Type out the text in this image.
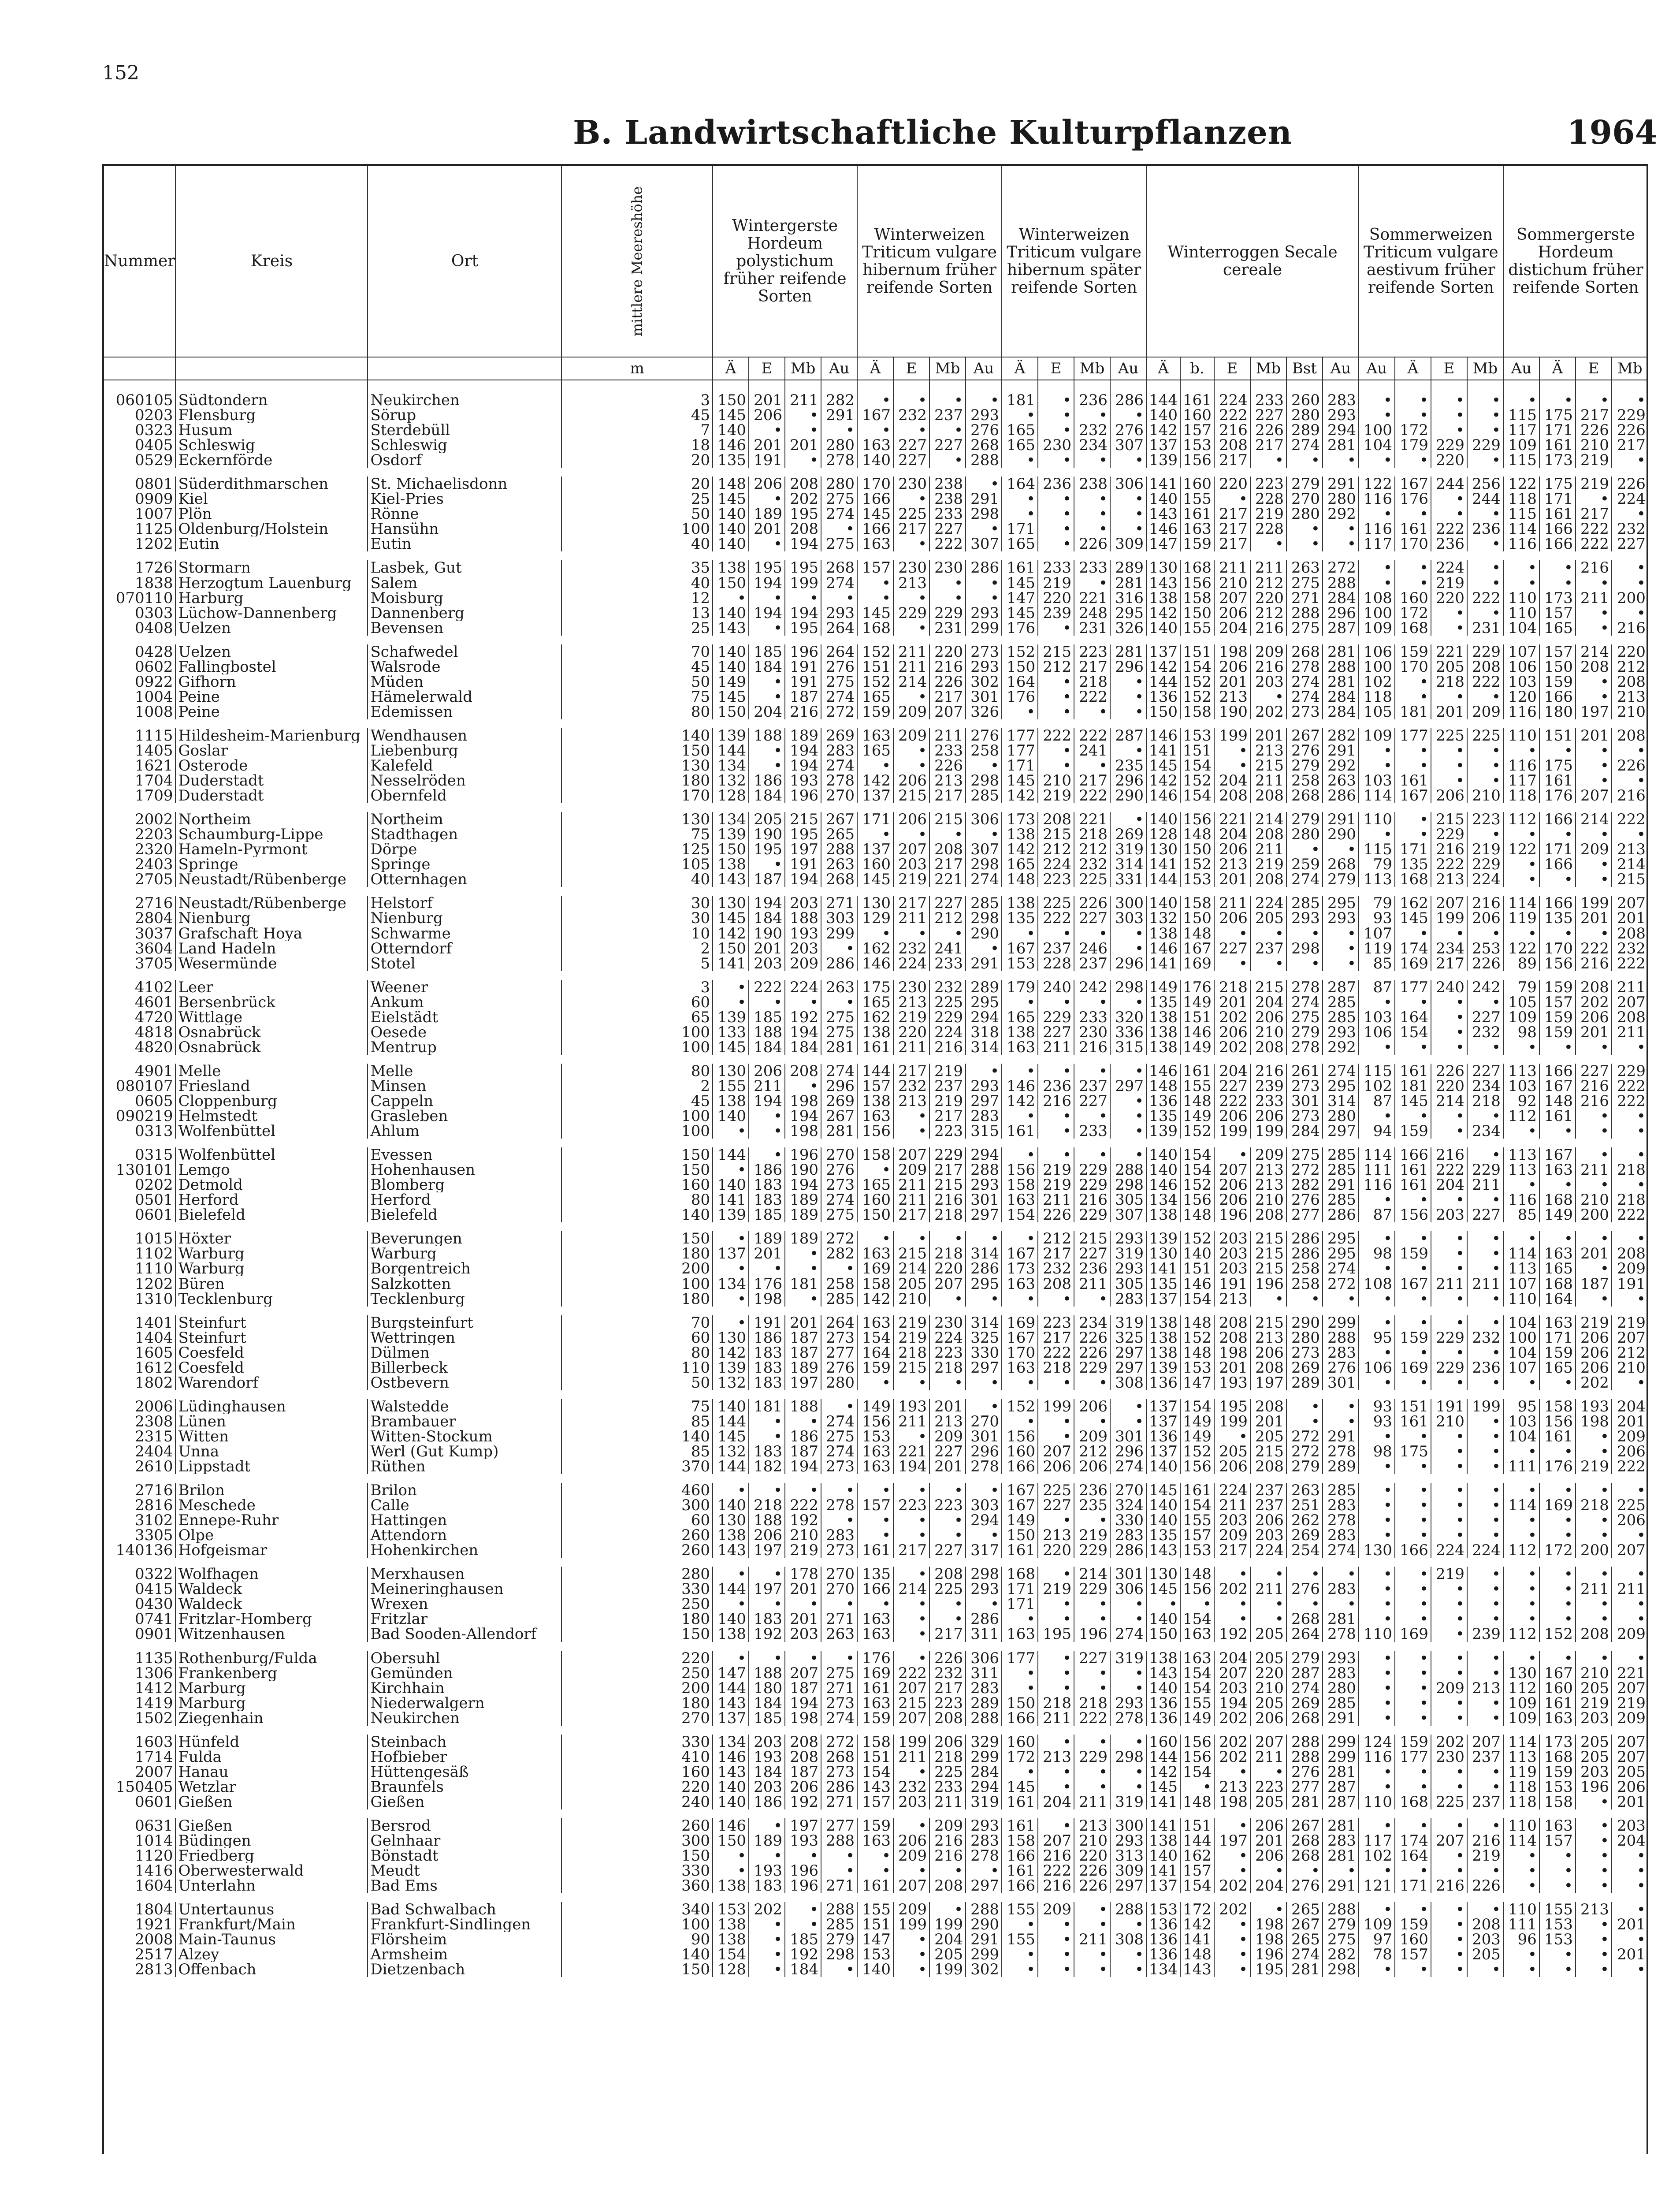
152
B. Landwirtschaftliche Kulturpflanzen	1964
Nummer	Kreis	Ort	mittlere Meereshöhe	Wintergerste Hordeum polystichum früher reifende Sorten				Winterweizen Triticum vulgare hibernum früher reifende Sorten				Winterweizen Triticum vulgare hibernum später reifende Sorten				Winterroggen Secale cereale						Sommerweizen Triticum vulgare aestivum früher reifende Sorten				Sommergerste Hordeum distichum früher reifende Sorten			
			m	Ä	E	Mb	Au	Ä	E	Mb	Au	Ä	E	Mb	Au	Ä	b.	E	Mb	Bst	Au	Au	Ä	E	Mb	Au	Ä	E	Mb
060105	Südtondern	Neukirchen	3	150	201	211	282	•	•	•	•	181	•	236	286	144	161	224	233	260	283	•	•	•	•	•	•	•	•
0203	Flensburg	Sörup	45	145	206	•	291	167	232	237	293	•	•	•	•	140	160	222	227	280	293	•	•	•	•	115	175	217	229
0323	Husum	Sterdebüll	7	140	•	•	•	•	•	•	276	165	•	232	276	142	157	216	226	289	294	100	172	•	•	117	171	226	226
0405	Schleswig	Schleswig	18	146	201	201	280	163	227	227	268	165	230	234	307	137	153	208	217	274	281	104	179	229	229	109	161	210	217
0529	Eckernförde	Osdorf	20	135	191	•	278	140	227	•	288	•	•	•	•	139	156	217	•	•	•	•	•	220	•	115	173	219	•

0801	Süderdithmarschen	St. Michaelisdonn	20	148	206	208	280	170	230	238	•	164	236	238	306	141	160	220	223	279	291	122	167	244	256	122	175	219	226
0909	Kiel	Kiel-Pries	25	145	•	202	275	166	•	238	291	•	•	•	•	140	155	•	228	270	280	116	176	•	244	118	171	•	224
1007	Plön	Rönne	50	140	189	195	274	145	225	233	298	•	•	•	•	143	161	217	219	280	292	•	•	•	•	115	161	217	•
1125	Oldenburg/Holstein	Hansühn	100	140	201	208	•	166	217	227	•	171	•	•	•	146	163	217	228	•	•	116	161	222	236	114	166	222	232
1202	Eutin	Eutin	40	140	•	194	275	163	•	222	307	165	•	226	309	147	159	217	•	•	•	117	170	236	•	116	166	222	227

1726	Stormarn	Lasbek, Gut	35	138	195	195	268	157	230	230	286	161	233	233	289	130	168	211	211	263	272	•	•	224	•	•	•	216	•
1838	Herzogtum Lauenburg	Salem	40	150	194	199	274	•	213	•	•	145	219	•	281	143	156	210	212	275	288	•	•	219	•	•	•	•	•
070110	Harburg	Moisburg	12	•	•	•	•	•	•	•	•	147	220	221	316	138	158	207	220	271	284	108	160	220	222	110	173	211	200
0303	Lüchow-Dannenberg	Dannenberg	13	140	194	194	293	145	229	229	293	145	239	248	295	142	150	206	212	288	296	100	172	•	•	110	157	•	•
0408	Uelzen	Bevensen	25	143	•	195	264	168	•	231	299	176	•	231	326	140	155	204	216	275	287	109	168	•	231	104	165	•	216

0428	Uelzen	Schafwedel	70	140	185	196	264	152	211	220	273	152	215	223	281	137	151	198	209	268	281	106	159	221	229	107	157	214	220
0602	Fallingbostel	Walsrode	45	140	184	191	276	151	211	216	293	150	212	217	296	142	154	206	216	278	288	100	170	205	208	106	150	208	212
0922	Gifhorn	Müden	50	149	•	191	275	152	214	226	302	164	•	218	•	144	152	201	203	274	281	102	•	218	222	103	159	•	208
1004	Peine	Hämelerwald	75	145	•	187	274	165	•	217	301	176	•	222	•	136	152	213	•	274	284	118	•	•	•	120	166	•	213
1008	Peine	Edemissen	80	150	204	216	272	159	209	207	326	•	•	•	•	150	158	190	202	273	284	105	181	201	209	116	180	197	210

1115	Hildesheim-Marienburg	Wendhausen	140	139	188	189	269	163	209	211	276	177	222	222	287	146	153	199	201	267	282	109	177	225	225	110	151	201	208
1405	Goslar	Liebenburg	150	144	•	194	283	165	•	233	258	177	•	241	•	141	151	•	213	276	291	•	•	•	•	•	•	•	•
1621	Osterode	Kalefeld	130	134	•	194	274	•	•	226	•	171	•	•	235	145	154	•	215	279	292	•	•	•	•	116	175	•	226
1704	Duderstadt	Nesselröden	180	132	186	193	278	142	206	213	298	145	210	217	296	142	152	204	211	258	263	103	161	•	•	117	161	•	•
1709	Duderstadt	Obernfeld	170	128	184	196	270	137	215	217	285	142	219	222	290	146	154	208	208	268	286	114	167	206	210	118	176	207	216

2002	Northeim	Northeim	130	134	205	215	267	171	206	215	306	173	208	221	•	140	156	221	214	279	291	110	•	215	223	112	166	214	222
2203	Schaumburg-Lippe	Stadthagen	75	139	190	195	265	•	•	•	•	138	215	218	269	128	148	204	208	280	290	•	•	229	•	•	•	•	•
2320	Hameln-Pyrmont	Dörpe	125	150	195	197	288	137	207	208	307	142	212	212	319	130	150	206	211	•	•	115	171	216	219	122	171	209	213
2403	Springe	Springe	105	138	•	191	263	160	203	217	298	165	224	232	314	141	152	213	219	259	268	79	135	222	229	•	166	•	214
2705	Neustadt/Rübenberge	Otternhagen	40	143	187	194	268	145	219	221	274	148	223	225	331	144	153	201	208	274	279	113	168	213	224	•	•	•	215

2716	Neustadt/Rübenberge	Helstorf	30	130	194	203	271	130	217	227	285	138	225	226	300	140	158	211	224	285	295	79	162	207	216	114	166	199	207
2804	Nienburg	Nienburg	30	145	184	188	303	129	211	212	298	135	222	227	303	132	150	206	205	293	293	93	145	199	206	119	135	201	201
3037	Grafschaft Hoya	Schwarme	10	142	190	193	299	•	•	•	290	•	•	•	•	138	148	•	•	•	•	107	•	•	•	•	•	•	208
3604	Land Hadeln	Otterndorf	2	150	201	203	•	162	232	241	•	167	237	246	•	146	167	227	237	298	•	119	174	234	253	122	170	222	232
3705	Wesermünde	Stotel	5	141	203	209	286	146	224	233	291	153	228	237	296	141	169	•	•	•	•	85	169	217	226	89	156	216	222

4102	Leer	Weener	3	•	222	224	263	175	230	232	289	179	240	242	298	149	176	218	215	278	287	87	177	240	242	79	159	208	211
4601	Bersenbrück	Ankum	60	•	•	•	•	165	213	225	295	•	•	•	•	135	149	201	204	274	285	•	•	•	•	105	157	202	207
4720	Wittlage	Eielstädt	65	139	185	192	275	162	219	229	294	165	229	233	320	138	151	202	206	275	285	103	164	•	227	109	159	206	208
4818	Osnabrück	Oesede	100	133	188	194	275	138	220	224	318	138	227	230	336	138	146	206	210	279	293	106	154	•	232	98	159	201	211
4820	Osnabrück	Mentrup	100	145	184	184	281	161	211	216	314	163	211	216	315	138	149	202	208	278	292	•	•	•	•	•	•	•	•

4901	Melle	Melle	80	130	206	208	274	144	217	219	•	•	•	•	•	146	161	204	216	261	274	115	161	226	227	113	166	227	229
080107	Friesland	Minsen	2	155	211	•	296	157	232	237	293	146	236	237	297	148	155	227	239	273	295	102	181	220	234	103	167	216	222
0605	Cloppenburg	Cappeln	45	138	194	198	269	138	213	219	297	142	216	227	•	136	148	222	233	301	314	87	145	214	218	92	148	216	222
090219	Helmstedt	Grasleben	100	140	•	194	267	163	•	217	283	•	•	•	•	135	149	206	206	273	280	•	•	•	•	112	161	•	•
0313	Wolfenbüttel	Ahlum	100	•	•	198	281	156	•	223	315	161	•	233	•	139	152	199	199	284	297	94	159	•	234	•	•	•	•

0315	Wolfenbüttel	Evessen	150	144	•	196	270	158	207	229	294	•	•	•	•	140	154	•	209	275	285	114	166	216	•	113	167	•	•
130101	Lemgo	Hohenhausen	150	•	186	190	276	•	209	217	288	156	219	229	288	140	154	207	213	272	285	111	161	222	229	113	163	211	218
0202	Detmold	Blomberg	160	140	183	194	273	165	211	215	293	158	219	229	298	146	152	206	213	282	291	116	161	204	211	•	•	•	•
0501	Herford	Herford	80	141	183	189	274	160	211	216	301	163	211	216	305	134	156	206	210	276	285	•	•	•	•	116	168	210	218
0601	Bielefeld	Bielefeld	140	139	185	189	275	150	217	218	297	154	226	229	307	138	148	196	208	277	286	87	156	203	227	85	149	200	222

1015	Höxter	Beverungen	150	•	189	189	272	•	•	•	•	•	212	215	293	139	152	203	215	286	295	•	•	•	•	•	•	•	•
1102	Warburg	Warburg	180	137	201	•	282	163	215	218	314	167	217	227	319	130	140	203	215	286	295	98	159	•	•	114	163	201	208
1110	Warburg	Borgentreich	200	•	•	•	•	169	214	220	286	173	232	236	293	141	151	203	215	258	274	•	•	•	•	113	165	•	209
1202	Büren	Salzkotten	100	134	176	181	258	158	205	207	295	163	208	211	305	135	146	191	196	258	272	108	167	211	211	107	168	187	191
1310	Tecklenburg	Tecklenburg	180	•	198	•	285	142	210	•	•	•	•	•	283	137	154	213	•	•	•	•	•	•	•	110	164	•	•

1401	Steinfurt	Burgsteinfurt	70	•	191	201	264	163	219	230	314	169	223	234	319	138	148	208	215	290	299	•	•	•	•	104	163	219	219
1404	Steinfurt	Wettringen	60	130	186	187	273	154	219	224	325	167	217	226	325	138	152	208	213	280	288	95	159	229	232	100	171	206	207
1605	Coesfeld	Dülmen	80	142	183	187	277	164	218	223	330	170	222	226	297	138	148	198	206	273	283	•	•	•	•	104	159	206	212
1612	Coesfeld	Billerbeck	110	139	183	189	276	159	215	218	297	163	218	229	297	139	153	201	208	269	276	106	169	229	236	107	165	206	210
1802	Warendorf	Ostbevern	50	132	183	197	280	•	•	•	•	•	•	•	308	136	147	193	197	289	301	•	•	•	•	•	•	202	•

2006	Lüdinghausen	Walstedde	75	140	181	188	•	149	193	201	•	152	199	206	•	137	154	195	208	•	•	93	151	191	199	95	158	193	204
2308	Lünen	Brambauer	85	144	•	•	274	156	211	213	270	•	•	•	•	137	149	199	201	•	•	93	161	210	•	103	156	198	201
2315	Witten	Witten-Stockum	140	145	•	186	275	153	•	209	301	156	•	209	301	136	149	•	205	272	291	•	•	•	•	104	161	•	209
2404	Unna	Werl (Gut Kump)	85	132	183	187	274	163	221	227	296	160	207	212	296	137	152	205	215	272	278	98	175	•	•	•	•	•	206
2610	Lippstadt	Rüthen	370	144	182	194	273	163	194	201	278	166	206	206	274	140	156	206	208	279	289	•	•	•	•	111	176	219	222

2716	Brilon	Brilon	460	•	•	•	•	•	•	•	•	167	225	236	270	145	161	224	237	263	285	•	•	•	•	•	•	•	•
2816	Meschede	Calle	300	140	218	222	278	157	223	223	303	167	227	235	324	140	154	211	237	251	283	•	•	•	•	114	169	218	225
3102	Ennepe-Ruhr	Hattingen	60	130	188	192	•	•	•	•	294	149	•	•	330	140	155	203	206	262	278	•	•	•	•	•	•	•	206
3305	Olpe	Attendorn	260	138	206	210	283	•	•	•	•	150	213	219	283	135	157	209	203	269	283	•	•	•	•	•	•	•	•
140136	Hofgeismar	Hohenkirchen	260	143	197	219	273	161	217	227	317	161	220	229	286	143	153	217	224	254	274	130	166	224	224	112	172	200	207

0322	Wolfhagen	Merxhausen	280	•	•	178	270	135	•	208	298	168	•	214	301	130	148	•	•	•	•	•	•	219	•	•	•	•	•
0415	Waldeck	Meineringhausen	330	144	197	201	270	166	214	225	293	171	219	229	306	145	156	202	211	276	283	•	•	•	•	•	•	211	211
0430	Waldeck	Wrexen	250	•	•	•	•	•	•	•	•	171	•	•	•	•	•	•	•	•	•	•	•	•	•	•	•	•	•
0741	Fritzlar-Homberg	Fritzlar	180	140	183	201	271	163	•	•	286	•	•	•	•	140	154	•	•	268	281	•	•	•	•	•	•	•	•
0901	Witzenhausen	Bad Sooden-Allendorf	150	138	192	203	263	163	•	217	311	163	195	196	274	150	163	192	205	264	278	110	169	•	239	112	152	208	209

1135	Rothenburg/Fulda	Obersuhl	220	•	•	•	•	176	•	226	306	177	•	227	319	138	163	204	205	279	293	•	•	•	•	•	•	•	•
1306	Frankenberg	Gemünden	250	147	188	207	275	169	222	232	311	•	•	•	•	143	154	207	220	287	283	•	•	•	•	130	167	210	221
1412	Marburg	Kirchhain	200	144	180	187	271	161	207	217	283	•	•	•	•	140	154	203	210	274	280	•	•	209	213	112	160	205	207
1419	Marburg	Niederwalgern	180	143	184	194	273	163	215	223	289	150	218	218	293	136	155	194	205	269	285	•	•	•	•	109	161	219	219
1502	Ziegenhain	Neukirchen	270	137	185	198	274	159	207	208	288	166	211	222	278	136	149	202	206	268	291	•	•	•	•	109	163	203	209

1603	Hünfeld	Steinbach	330	134	203	208	272	158	199	206	329	160	•	•	•	160	156	202	207	288	299	124	159	202	207	114	173	205	207
1714	Fulda	Hofbieber	410	146	193	208	268	151	211	218	299	172	213	229	298	144	156	202	211	288	299	116	177	230	237	113	168	205	207
2007	Hanau	Hüttengesäß	160	143	184	187	273	154	•	225	284	•	•	•	•	142	154	•	•	276	281	•	•	•	•	119	159	203	205
150405	Wetzlar	Braunfels	220	140	203	206	286	143	232	233	294	145	•	•	•	145	•	213	223	277	287	•	•	•	•	118	153	196	206
0601	Gießen	Gießen	240	140	186	192	271	157	203	211	319	161	204	211	319	141	148	198	205	281	287	110	168	225	237	118	158	•	201

0631	Gießen	Bersrod	260	146	•	197	277	159	•	209	293	161	•	213	300	141	151	•	206	267	281	•	•	•	•	110	163	•	203
1014	Büdingen	Gelnhaar	300	150	189	193	288	163	206	216	283	158	207	210	293	138	144	197	201	268	283	117	174	207	216	114	157	•	204
1120	Friedberg	Bönstadt	150	•	•	•	•	•	209	216	278	166	216	220	313	140	162	•	206	268	281	102	164	•	219	•	•	•	•
1416	Oberwesterwald	Meudt	330	•	193	196	•	•	•	•	•	161	222	226	309	141	157	•	•	•	•	•	•	•	•	•	•	•	•
1604	Unterlahn	Bad Ems	360	138	183	196	271	161	207	208	297	166	216	226	297	137	154	202	204	276	291	121	171	216	226	•	•	•	•

1804	Untertaunus	Bad Schwalbach	340	153	202	•	288	155	209	•	288	155	209	•	288	153	172	202	•	265	288	•	•	•	•	110	155	213	•
1921	Frankfurt/Main	Frankfurt-Sindlingen	100	138	•	•	285	151	199	199	290	•	•	•	•	136	142	•	198	267	279	109	159	•	208	111	153	•	201
2008	Main-Taunus	Flörsheim	90	138	•	185	279	147	•	204	291	155	•	211	308	136	141	•	198	265	275	97	160	•	203	96	153	•	•
2517	Alzey	Armsheim	140	154	•	192	298	153	•	205	299	•	•	•	•	136	148	•	196	274	282	78	157	•	205	•	•	•	201
2813	Offenbach	Dietzenbach	150	128	•	184	•	140	•	199	302	•	•	•	•	134	143	•	195	281	298	•	•	•	•	•	•	•	•
